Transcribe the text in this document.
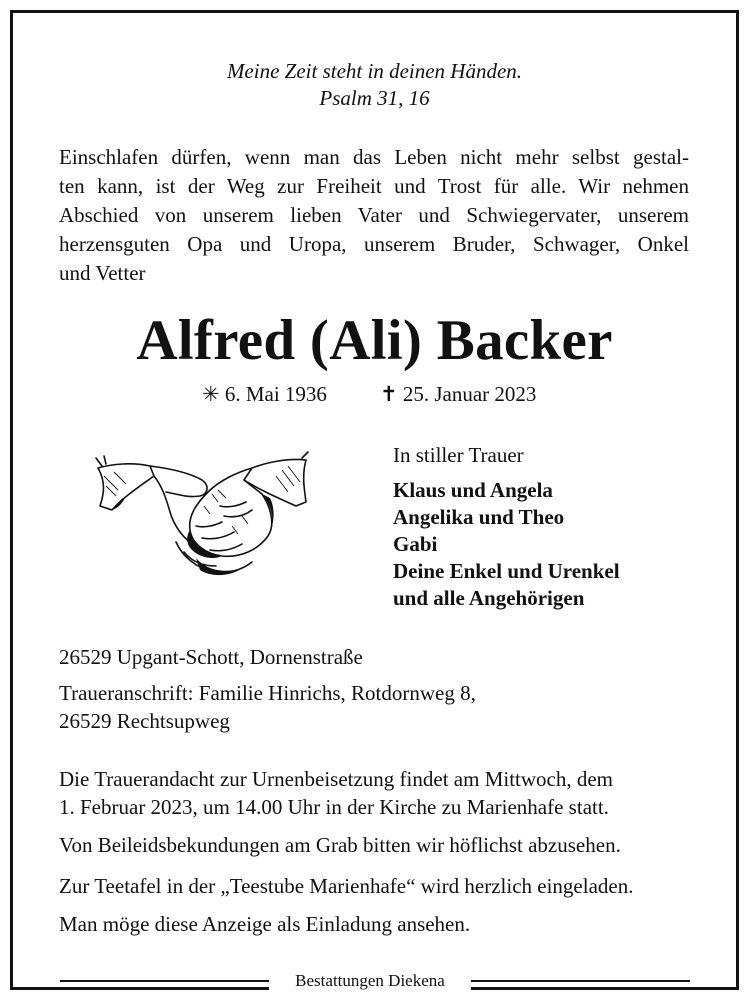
Meine Zeit steht in deinen Händen.
Psalm 31, 16
Einschlafen dürfen, wenn man das Leben nicht mehr selbst gestal-
ten kann, ist der Weg zur Freiheit und Trost für alle. Wir nehmen
Abschied von unserem lieben Vater und Schwiegervater, unserem
herzensguten Opa und Uropa, unserem Bruder, Schwager, Onkel
und Vetter
Alfred (Ali) Backer
✳ 6. Mai 1936	✝ 25. Januar 2023
In stiller Trauer
Klaus und Angela
Angelika und Theo
Gabi
Deine Enkel und Urenkel
und alle Angehörigen
26529 Upgant-Schott, Dornenstraße
Traueranschrift: Familie Hinrichs, Rotdornweg 8,
26529 Rechtsupweg
Die Trauerandacht zur Urnenbeisetzung findet am Mittwoch, dem
1. Februar 2023, um 14.00 Uhr in der Kirche zu Marienhafe statt.
Von Beileidsbekundungen am Grab bitten wir höflichst abzusehen.
Zur Teetafel in der „Teestube Marienhafe“ wird herzlich eingeladen.
Man möge diese Anzeige als Einladung ansehen.
Bestattungen Diekena
